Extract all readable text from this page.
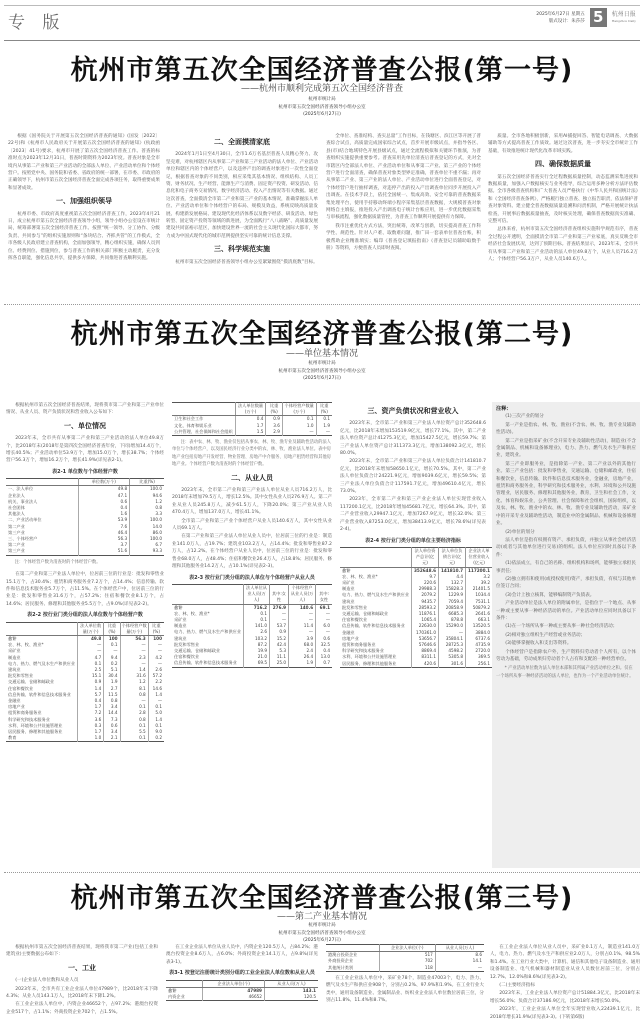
专 版	2025年6月27日 星期五
版式设计：朱莎莎 5	杭州日报
Hangzhou Daily
杭州市第五次全国经济普查公报(第一号)
——杭州市顺利完成第五次全国经济普查
杭州市统计局
杭州市第五次全国经济普查领导小组办公室
(2025年6月27日)

根据《国务院关于开展第五次全国经济普查的通知》(国发〔2022〕22号)和《杭州市人民政府关于开展第五次全国经济普查的通知》(杭政函〔2023〕41号)要求，杭州市开展了第五次全国经济普查工作。普查的标准时点为2023年12月31日，普查时期资料为2023年度。普查对象是全市境内从事第二产业和第三产业活动的全部法人单位、产业活动单位和个体经营户。按照党中央、国务院和省委、省政府的统一部署，在市委、市政府的正确领导下，杭州市第五次全国经济普查全面完成各项任务，取得重要成果和显著成效。

一、加强组织领导

杭州市委、市政府高度重视第五次全国经济普查工作，2023年4月21日，成立杭州市第五次全国经济普查领导小组，领导小组办公室设在市统计局，统筹部署第五次全国经济普查工作。按照“统一领导、分工协作、分级负责、共同参与”的组织实施原则和“条块结合、齐抓共管”的工作模式，全市各级人民政府建立普查机构，全面加强领导，精心组织实施，确保人员到位、经费到位、措施到位，参与普查工作的相关部门积极主动履责，充分发挥各自职能，强化信息共享，提供多方保障，共同推进普查顺利实施。

二、全面摸清家底

2024年1月1日至4月30日，全市1.6万名基层普查人员精心努力、攻坚克难，对杭州辖区内从事第二产业和第三产业活动的法人单位、产业活动单位和辖区内的个体经营户，以及违停产出的调查对象进行一次性全面登记，根据普查对象的不同类别，相应采集其基本情况、组织结构、人员工资、财务状况、生产经营、能源生产与消费、固定资产投资、研发活动、信息化和电子商务交易情况、数字经济活动、投入产出情况等有关数据。通过这次普查，全面摸清全市第二产业和第三产业的基本情况，准确掌握法人单位、产业活动单位和个体经营户的布局、规模及效益，系统反映高质量发展、构建新发展格局、建设现代化经济体系以及数字经济、研发活动、绿色转型、固定资产投资等领域的新进展，为全面践行“八八战略”、高质量发展建设共同富裕示范区，加快建设世界一流的社会主义现代化国际大都市，努力成为中国式现代化的城市范例提供坚实可靠的统计信息支撑。

三、科学规范实施

杭州市第五次全国经济普查领导小组办公室紧紧围绕“摸清底数”目标。

全单位、查准结构、查实总量”工作目标，在钱塘区、滨江区等开展了普查综合试点，高质量完成国家综合试点，首步开展市级试点，并指导各区、县(市)结合地域特色开展县级试点，通过全流程模拟和关键环节推演，为普查组织实施提供重要参考。普查采用先单位清查后普查登记的方式，先对全市辖区内全部法人单位、产业活动单位和从事第二产业、第三产业的个体经营户进行全面清查，确保普查对象类型界定准确，普查单位不重不漏；再对从事第二产业、第三产业的法人单位、产业活动单位进行全面普查登记，对个体经营户进行抽样调查，对违停产出的投入产出调查单位同步开展投入产出调查。在技术手段上，依托全国统一、集成高效、安全可靠的普查数据采集处理平台，使用手持移动终端小程序采集基层普查数据，大规模普查对象网络自主填报，推进投入产出调查电子统计台账应用，进一步优化数据采集与审核流程，强化数据质量管控，为普查工作顺利开展提供有力保障。

我市注重优化方式方法，突出统筹，改革与创新，切实提高普查工作科学性、规范性。针对人户难、取数难问题，推广田一套表单位普查台账，积极帮助企业精准填实；编印《普查登记填报指南》《普查登记员辅助取数手册》等资料，方便普查人员即时查阅。

质量。全市各地积极创新，采用AI捕捉回答、智能电话调查、大数据辅助等方式提高普查工作质效。通过这次普查，进一步夯实全市统计工作基础，有效推进统计现代化改革市域实践。

四、确保数据质量

第五次全国经济普查实行全过程数据质量控制，动态监测采集进度和数据质量，加强入户数据核实与业务指导，综合运用多种分析方法评估数据。全市各级普查机构和广大普查人员严格执行《中华人民共和国统计法》和《全国经济普查条例》，严格履行独立普查、独立报告职责，依法保护普查对象资料。建立健全普查数据质量追溯和问责机制，严格开展统计执法检查，开展事后数据质量抽查，及时核实处理，确保普查数据真实准确、完整可信。

总体来看，杭州市第五次全国经济普查组织实施科学规范有序，普查全过程公开透明，全面摸清全市第二产业和第三产业家底，真实反映全市经济社会发展状况，达到了预期目标。普查结果显示，2023年末，全市共有从事第二产业和第三产业活动的法人单位49.8万个，从业人员716.2万人；个体经营户56.3万户，从业人员140.6万人。

杭州市第五次全国经济普查公报(第二号)
——单位基本情况
杭州市统计局
杭州市第五次全国经济普查领导小组办公室
(2025年6月27日)

根据杭州市第五次全国经济普查结果，现将我市第二产业和第三产业单位情况、从业人员、资产负债状况和营业收入公布如下：

一、单位情况

2023年末，全市共有从事第二产业和第三产业活动的法人单位49.8万个，比2018年末(2018年是第四次全国经济普查年份，下同)增加14.4万个，增长40.5%；产业活动单位53.9万个，增加15.0万个，增长38.7%；个体经营户56.3万个，增加16.2万个，增长41.9%(详见表2-1)。

表2-1 单位数与个体经营户数
	单位数(万个)	比重(%)
一、法人单位	49.8	100.0
企业法人	47.1	94.6
机关、事业法人	0.6	1.2
社会团体	0.4	0.8
其他法人	1.6	3.3
二、产业活动单位	53.9	100.0
第二产业	7.6	14.0
第三产业	46.4	86.0
三、个体经营户	56.3	100.0
第二产业	3.7	6.7
第三产业	51.6	93.3
注：个体经营户数为清查时的个体经营户数。

在第二产业和第三产业法人单位中，位居前三位的行业是：批发和零售业15.1万个，占30.4%；租赁和商务服务业7.2万个，占14.4%；信息传输、软件和信息技术服务业5.7万个，占11.5%。在个体经营户中，位居前三位的行业是：批发和零售业31.6万个，占57.2%；住宿和餐饮业8.1万个，占14.6%；居民服务、修理和其他服务业5.5万个，占9.0%(详见表2-2)。

表2-2 按行业门类分组的法人单位数与个体经营户数
	法人单位数量(万个)	比重(%)	个体经营户数量(万个)	比重(%)
合计	49.8	100	56.3	100
农、林、牧、渔业*	—	0.1	—	—
采矿业	—	—	—	—
制造业	4.7	9.4	2.3	4.2
电力、热力、燃气及水生产和供应业	0.1	0.2	—	—
建筑业	2.5	5.1	1.4	2.6
批发和零售业	15.1	30.4	31.6	57.2
交通运输、仓储和邮政业	0.9	1.9	1.2	2.2
住宿和餐饮业	1.4	2.7	8.1	14.6
信息传输、软件和信息技术服务业	5.7	11.5	0.8	1.4
金融业	0.4	0.8	—	—
房地产业	1.7	3.4	0.1	0.1
租赁和商务服务业	7.2	14.4	2.8	5.0
科学研究和技术服务业	3.6	7.3	0.8	1.4
水利、环境和公共设施管理业	0.3	0.6	0.1	0.1
居民服务、修理和其他服务业	1.7	3.4	5.5	9.0
教育	1.0	2.1	0.1	0.2
	法人单位数量(万个)	比重(%)	个体经营户数量(万个)	比重(%)
卫生和社会工作	0.4	0.9	0.1	0.1
文化、体育和娱乐业	1.7	3.6	1.0	1.9
公共管理、社会保障和社会组织	1.5	2.9	—	—
注：表中农、林、牧、渔业仅包括从事农、林、牧、渔专业及辅助性活动的法人单位与个体经营户，以及国民经济行业分类中的农、林、牧、渔业法人单位。表中房地产业包括房地产开发经营、物业管理、房地产中介服务、房地产租赁经营和其他房地产业。个体经营户数为清查时的个体经营户数。
二、从业人员

2023年末，全市第二产业和第三产业法人单位从业人员716.2万人，比2018年末增加79.5万人，增长12.5%。其中女性从业人员276.9万人。第二产业从业人员245.8万人，减少61.5万人，下降20.0%；第三产业从业人员470.4万人，增加137.0万人，增长41.1%。

全市第二产业和第三产业个体经营户从业人员140.6万人，其中女性从业人员69.1万人。

在第二产业和第三产业法人单位从业人员中，位居前三位的行业是：制造业141.0万人，占19.7%；建筑业103.2万人，占14.4%；批发和零售业87.2万人，占12.2%。在个体经营户从业人员中，位居前三位的行业是：批发和零售业68.0万人，占48.4%；住宿和餐饮业26.4万人，占18.8%；居民服务、修理和其他服务业14.2万人，占10.1%(详见表2-3)。

表2-3 按行业门类分组的法人单位与个体经营户从业人员
	法人单位从业人员(万人)	其中:女性	个体经营户从业人员(万人)	其中:女性
合计	716.2	276.9	140.6	69.1
农、林、牧、渔业*	0.1	—	—	—
采矿业	0.1	—	—	—
制造业	141.0	53.7	11.4	6.0
电力、热力、燃气及水生产和供应业	2.6	0.9	—	—
建筑业	103.2	15.2	3.9	0.6
批发和零售业	87.2	42.4	68.0	32.5
交通运输、仓储和邮政业	19.9	5.3	2.4	0.4
住宿和餐饮业	21.0	11.1	26.4	13.0
信息传输、软件和信息技术服务业	69.5	25.0	1.9	0.7
三、资产负债状况和营业收入

2023年末，全市第二产业和第三产业法人单位资产总计352648.6亿元，比2018年末增加153519.9亿元，增长77.1%。其中，第二产业法人单位资产总计41275.3亿元，增加15427.5亿元，增长59.7%；第三产业法人单位资产总计311373.3亿元，增加138092.3亿元，增长80.0%。

2023年末，全市第二产业和第三产业法人单位负债合计141810.7亿元，比2018年末增加58650.1亿元，增长70.5%。其中，第二产业法人单位负债合计24221.9亿元，增加9039.6亿元，增长59.5%；第三产业法人单位负债合计117591.7亿元，增加49610.4亿元，增长73.0%。

2023年，全市第二产业和第三产业企业法人单位实现营业收入117200.1亿元，比2018年增加45681.7亿元，增长64.3%。其中，第二产业营业收入29947.1亿元，增加7267.9亿元，增长32.0%；第三产业营业收入87253.0亿元，增加38413.9亿元，增长78.6%(详见表2-4)。

表2-4 按行业门类分组的单位主要经济指标
	法人单位资产总计(亿元)	法人单位负债合计(亿元)	企业法人单位营业收入(亿元)
合计	352648.6	141810.7	117200.1
农、林、牧、渔业*	9.7	4.4	3.2
采矿业	220.6	132.7	39.2
制造业	29988.3	15828.3	21401.5
电力、热力、燃气及水生产和供应业	2079.2	1229.9	1034.4
建筑业	9435.7	7059.4	7531.1
批发和零售业	28593.2	20858.9	50879.2
交通运输、仓储和邮政业	11876.1	6685.3	2641.6
住宿和餐饮业	1065.4	878.8	663.1
信息传输、软件和信息技术服务业	22630.0	15290.0	13520.5
金融业	170361.0	—	3884.0
房地产业	53656.7	35804.1	6737.6
租赁和商务服务业	57646.6	28725.3	4735.9
科学研究和技术服务业	8869.4	4598.2	2720.0
水利、环境和公共设施管理业	8311.1	5305.8	369.5
居民服务、修理和其他服务业	420.6	301.6	256.1
注释：

(1)三次产业的划分

第一产业是指农、林、牧、渔业(不含农、林、牧、渔专业及辅助性活动)。

第二产业是指采矿业(不含开采专业及辅助性活动)，制造业(不含金属制品、机械和设备修理业)，电力、热力、燃气及水生产和供应业，建筑业。

第三产业即服务业，是指除第一产业、第二产业以外的其他行业。第三产业包括：批发和零售业，交通运输、仓储和邮政业，住宿和餐饮业，信息传输、软件和信息技术服务业，金融业，房地产业，租赁和商务服务业，科学研究和技术服务业，水利、环境和公共设施管理业，居民服务、修理和其他服务业，教育，卫生和社会工作，文化、体育和娱乐业，公共管理、社会保障和社会组织，国际组织，以及农、林、牧、渔业中的农、林、牧、渔专业及辅助性活动，采矿业中的开采专业及辅助性活动，制造业中的金属制品、机械和设备修理业。

(2)单位的划分

法人单位是指有权拥有资产、承担负债，并独立从事社会经济活动(或者与其他单位进行交易)的组织。法人单位应同时具备以下条件：

(1)依法成立，有自己的名称、组织机构和场所，能够独立承担民事责任；

(2)独立拥有和使用(或授权使用)资产，承担负债，有权与其他单位签订合同；

(3)会计上独立核算，能够编制资产负债表。

产业活动单位是法人单位的附属单位，是指位于一个地点、从事一种或主要从事一种经济活动的单位。产业活动单位应同时具备以下条件：

(1)在一个场所从事一种或主要从事一种社会经济活动；

(2)相对独立组织生产经营或业务活动；

(3)能够掌握收入和支出等资料。

个体经营户是指除农户外，生产资料归劳动者个人所有，以个体劳动为基础，劳动成果归劳动者个人占有和支配的一种经营单位。

* 产业活动单位数为法人单位本部和其所属产业活动单位之和。仅在一个场所从事一种经济活动的法人单位，也作为一个产业活动单位统计。
杭州市第五次全国经济普查公报(第三号)
——第二产业基本情况
杭州市统计局
杭州市第五次全国经济普查领导小组办公室
(2025年6月27日)

根据杭州市第五次全国经济普查结果，现将我市第二产业(包括工业和建筑业)主要数据公布如下：

一、工业

(一)企业法人单位数和从业人员

2023年末，全市共有工业企业法人单位47989个，比2018年末下降4.3%；从业人员143.1万人，比2018年末下降1.2%。

在工业企业法人单位中，内资企业46652个，占97.2%；港澳台投资企业517个，占1.1%；外商投资企业702个，占1.5%。

在工业企业法人单位从业人员中，内资企业120.5万人，占84.2%；港澳台投资企业8.6万人，占6.0%；外商投资企业14.1万人，占9.8%(详见表3-1)。

表3-1 按登记注册统计类别分组的工业企业法人单位数和从业人员
	企业法人单位(个)	从业人员(万人)
合计	47989	143.1
内资企业	46652	120.5
	企业法人单位(个)	从业人员(万人)
港澳台投资企业	517	8.6
外商投资企业	702	14.1
其他统计类别	118	—

在工业企业法人单位中，采矿业78个，制造业47003个，电力、热力、燃气及水生产和供应业908个，分别占0.2%、97.9%和1.9%。在工业行业大类中，通用设备制造业、金属制品业、纺织业企业法人单位数位居前三位，分别占11.8%、11.4%和8.7%。

在工业企业法人单位从业人员中，采矿业0.1万人，制造业141.0万人，电力、热力、燃气及水生产和供应业2.0万人，分别占0.1%、98.5%和1.4%。在工业行业大类中，计算机、通信和其他电子设备制造业、通用设备制造业、电气机械和器材制造业从业人员数位居前三位，分别占12.7%、12.0%和8.6%(详见表3-2)。

(二)主要经济指标

2023年末，工业企业法人单位资产总计51884.3亿元，比2018年末增长56.0%；负债合计37186.9亿元，比2018年末增长50.0%。

2023年，工业企业法人单位全年实现营业收入22439.1亿元，比2018年增长31.9%(详见表3-3)。(下转第6版)
